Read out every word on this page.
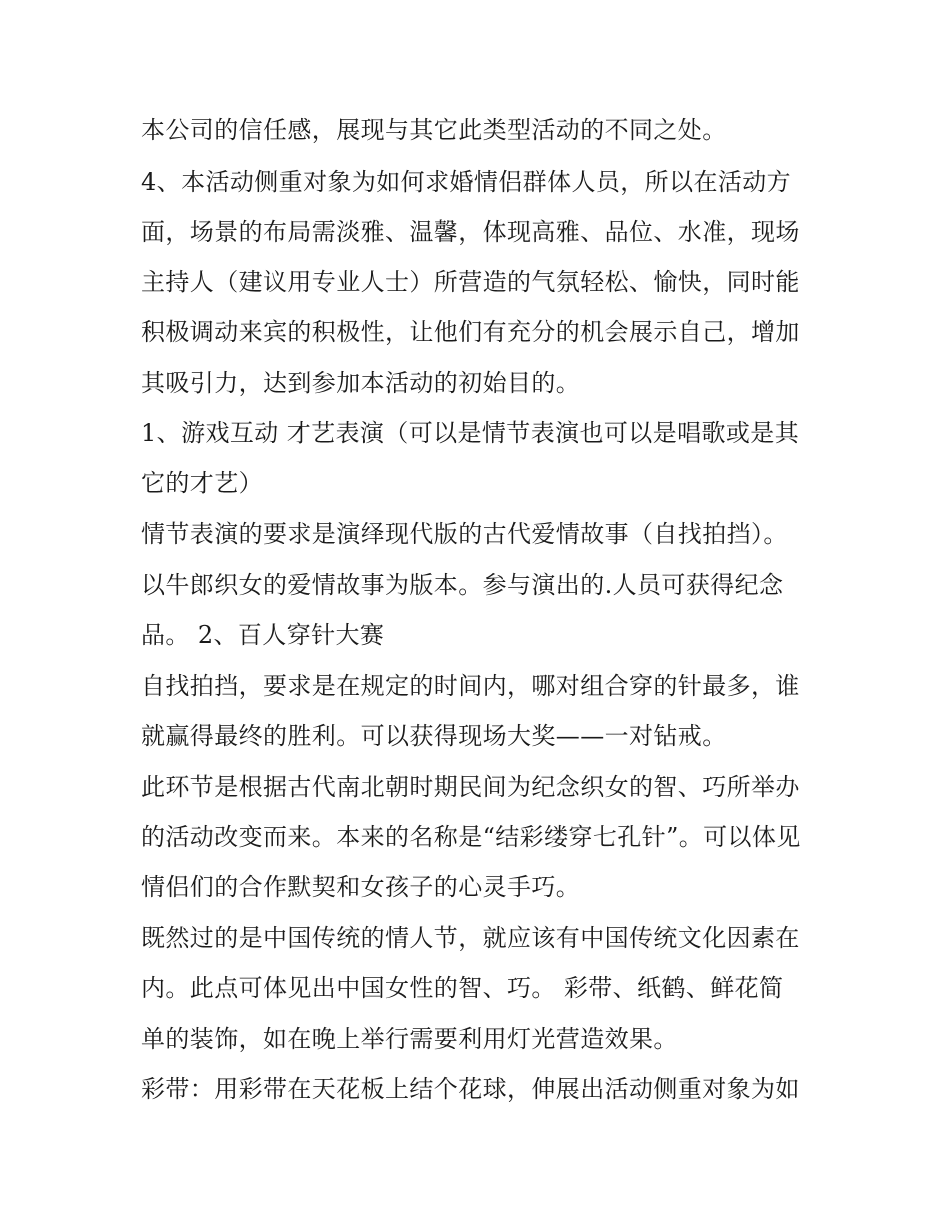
本公司的信任感，展现与其它此类型活动的不同之处。
4、本活动侧重对象为如何求婚情侣群体人员，所以在活动方
面，场景的布局需淡雅、温馨，体现高雅、品位、水准，现场
主持人（建议用专业人士）所营造的气氛轻松、愉快，同时能
积极调动来宾的积极性，让他们有充分的机会展示自己，增加
其吸引力，达到参加本活动的初始目的。
1、游戏互动 才艺表演（可以是情节表演也可以是唱歌或是其
它的才艺）
情节表演的要求是演绎现代版的古代爱情故事（自找拍挡）。
以牛郎织女的爱情故事为版本。参与演出的.人员可获得纪念
品。 2、百人穿针大赛
自找拍挡，要求是在规定的时间内，哪对组合穿的针最多，谁
就赢得最终的胜利。可以获得现场大奖——一对钻戒。
此环节是根据古代南北朝时期民间为纪念织女的智、巧所举办
的活动改变而来。本来的名称是“结彩缕穿七孔针”。可以体见
情侣们的合作默契和女孩子的心灵手巧。
既然过的是中国传统的情人节，就应该有中国传统文化因素在
内。此点可体见出中国女性的智、巧。 彩带、纸鹤、鲜花简
单的装饰，如在晚上举行需要利用灯光营造效果。
彩带：用彩带在天花板上结个花球，伸展出活动侧重对象为如
